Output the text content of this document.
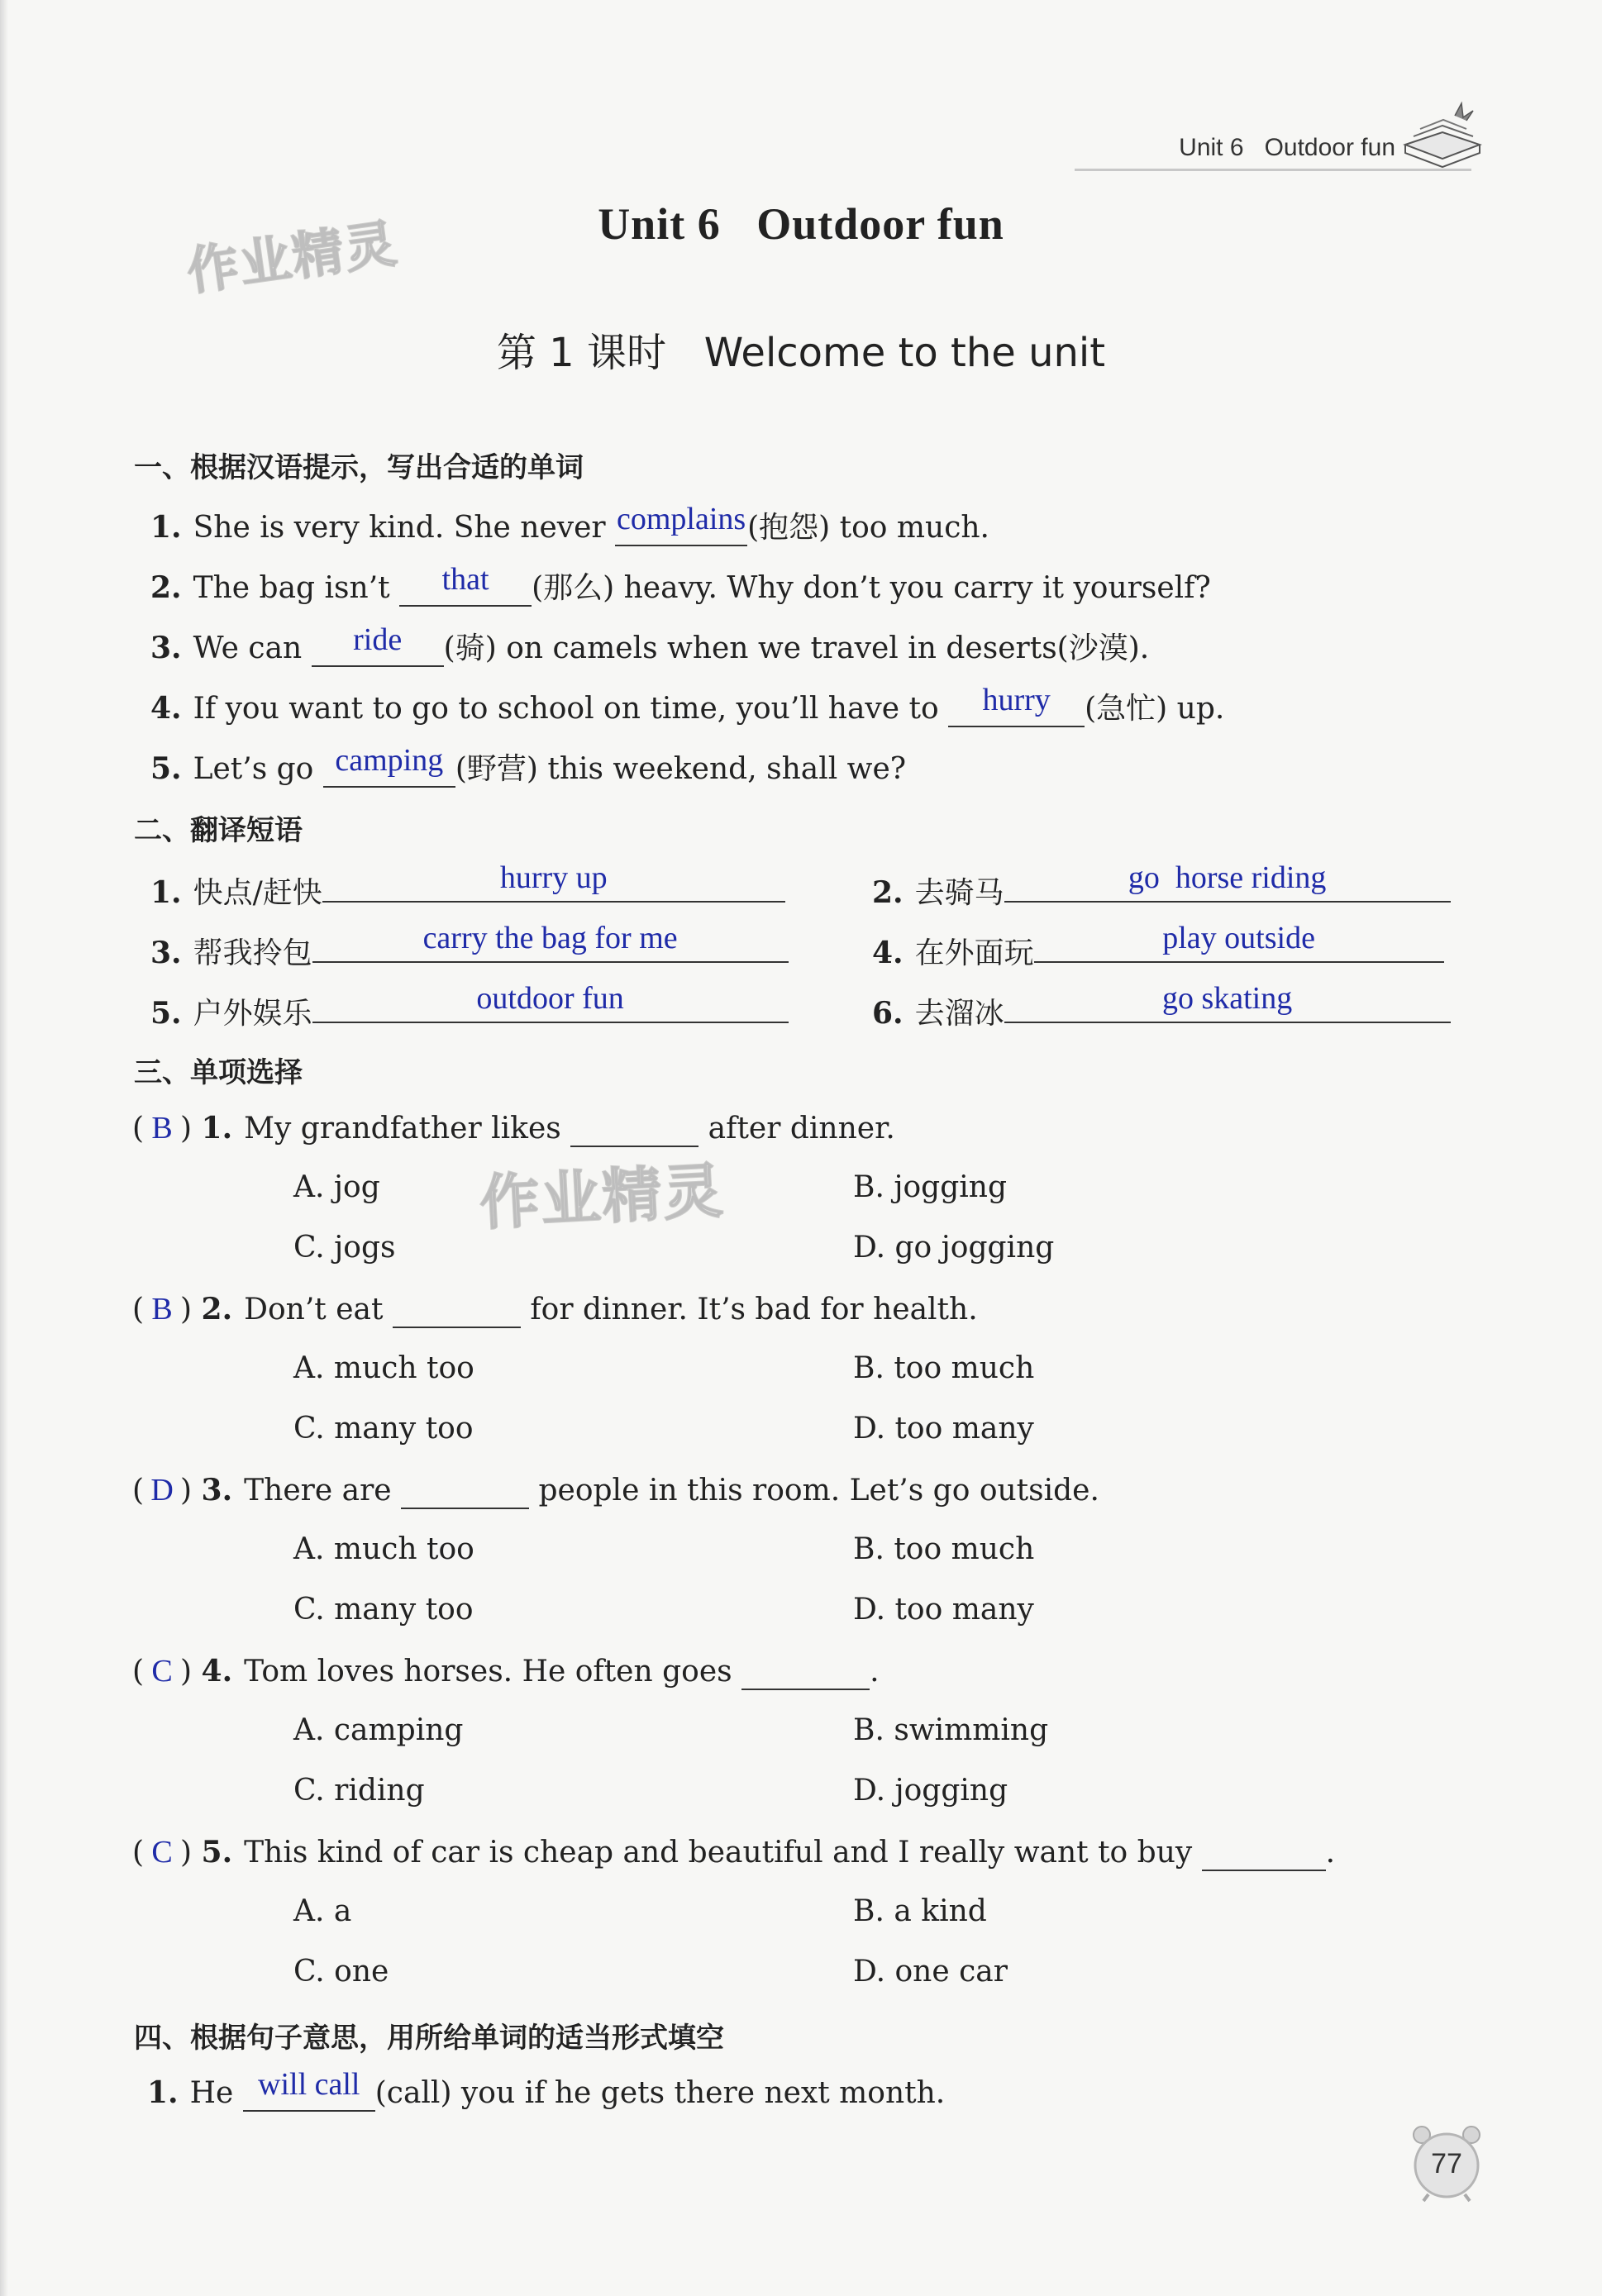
Unit 6 Outdoor fun
作业精灵
作业精灵
Unit 6 Outdoor fun
第 1 课时 Welcome to the unit
一、根据汉语提示，写出合适的单词
1. She is very kind. She never complains (抱怨) too much.
2. The bag isn’t	that	(那么) heavy. Why don’t you carry it yourself?
3. We can	ride	(骑) on camels when we travel in deserts(沙漠).
4. If you want to go to school on time, you’ll have to	hurry	(急忙) up.
5. Let’s go camping (野营) this weekend, shall we?
二、翻译短语
1. 快点/赶快	hurry up	2. 去骑马	go  horse riding
3. 帮我拎包	carry the bag for me	4. 在外面玩	play outside
5. 户外娱乐	outdoor fun	6. 去溜冰	go skating
三、单项选择
( B ) 1. My grandfather likes	after dinner.
A. jog	B. jogging
C. jogs	D. go jogging
( B ) 2. Don’t eat	for dinner. It’s bad for health.
A. much too	B. too much
C. many too	D. too many
( D ) 3. There are	people in this room. Let’s go outside.
A. much too	B. too much
C. many too	D. too many
( C ) 4. Tom loves horses. He often goes	.
A. camping	B. swimming
C. riding	D. jogging
( C ) 5. This kind of car is cheap and beautiful and I really want to buy	.
A. a	B. a kind
C. one	D. one car
四、根据句子意思，用所给单词的适当形式填空
1. He will call (call) you if he gets there next month.
77
